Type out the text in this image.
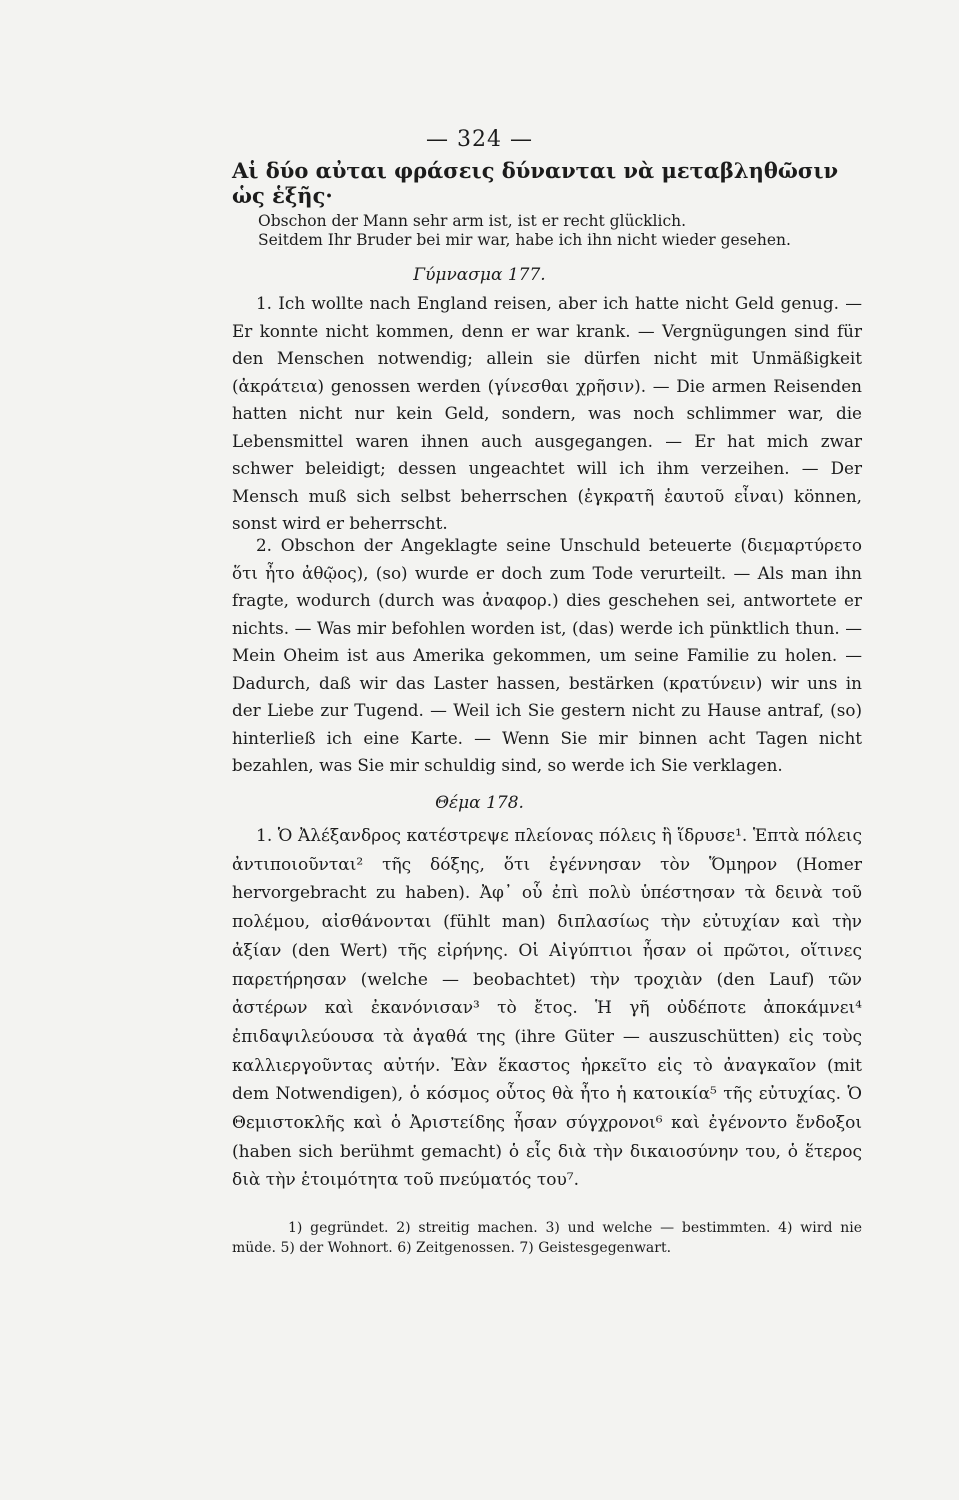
— 324 —
Αἱ δύο αὐται φράσεις δύνανται νὰ μεταβληθῶσιν ὡς ἑξῆς·

Obschon der Mann sehr arm ist, ist er recht glücklich.

Seitdem Ihr Bruder bei mir war, habe ich ihn nicht wieder gesehen.

Γύμνασμα 177.

1. Ich wollte nach England reisen, aber ich hatte nicht Geld genug. — Er konnte nicht kommen, denn er war krank. — Vergnügungen sind für den Menschen notwendig; allein sie dürfen nicht mit Unmäßigkeit (ἀκράτεια) genossen werden (γίνεσθαι χρῆσιν). — Die armen Reisenden hatten nicht nur kein Geld, sondern, was noch schlimmer war, die Lebensmittel waren ihnen auch ausgegangen. — Er hat mich zwar schwer beleidigt; dessen ungeachtet will ich ihm verzeihen. — Der Mensch muß sich selbst beherrschen (ἐγκρατῆ ἑαυτοῦ εἶναι) können, sonst wird er beherrscht.

2. Obschon der Angeklagte seine Unschuld beteuerte (διεμαρτύρετο ὅτι ἦτο ἀθῷος), (so) wurde er doch zum Tode verurteilt. — Als man ihn fragte, wodurch (durch was ἀναφορ.) dies geschehen sei, antwortete er nichts. — Was mir befohlen worden ist, (das) werde ich pünktlich thun. — Mein Oheim ist aus Amerika gekommen, um seine Familie zu holen. — Dadurch, daß wir das Laster hassen, bestärken (κρατύνειν) wir uns in der Liebe zur Tugend. — Weil ich Sie gestern nicht zu Hause antraf, (so) hinterließ ich eine Karte. — Wenn Sie mir binnen acht Tagen nicht bezahlen, was Sie mir schuldig sind, so werde ich Sie verklagen.

Θέμα 178.

1. Ὁ Ἀλέξανδρος κατέστρεψε πλείονας πόλεις ἢ ἵδρυσε¹. Ἑπτὰ πόλεις ἀντιποιοῦνται² τῆς δόξης, ὅτι ἐγέννησαν τὸν Ὅμηρον (Homer hervorgebracht zu haben). Ἀφ᾽ οὗ ἐπὶ πολὺ ὑπέστησαν τὰ δεινὰ τοῦ πολέμου, αἰσθάνονται (fühlt man) διπλασίως τὴν εὐτυχίαν καὶ τὴν ἀξίαν (den Wert) τῆς εἰρήνης. Οἱ Αἰγύπτιοι ἦσαν οἱ πρῶτοι, οἵτινες παρετήρησαν (welche — beobachtet) τὴν τροχιὰν (den Lauf) τῶν ἀστέρων καὶ ἐκανόνισαν³ τὸ ἔτος. Ἡ γῆ οὐδέποτε ἀποκάμνει⁴ ἐπιδαψιλεύουσα τὰ ἀγαθά της (ihre Güter — auszuschütten) εἰς τοὺς καλλιεργοῦντας αὐτήν. Ἐὰν ἕκαστος ἠρκεῖτο εἰς τὸ ἀναγκαῖον (mit dem Notwendigen), ὁ κόσμος οὗτος θὰ ἦτο ἡ κατοικία⁵ τῆς εὐτυχίας. Ὁ Θεμιστοκλῆς καὶ ὁ Ἀριστείδης ἦσαν σύγχρονοι⁶ καὶ ἐγένοντο ἔνδοξοι (haben sich berühmt gemacht) ὁ εἷς διὰ τὴν δικαιοσύνην του, ὁ ἕτερος διὰ τὴν ἑτοιμότητα τοῦ πνεύματός του⁷.

1) gegründet. 2) streitig machen. 3) und welche — bestimmten. 4) wird nie müde. 5) der Wohnort. 6) Zeitgenossen. 7) Geistesgegenwart.
